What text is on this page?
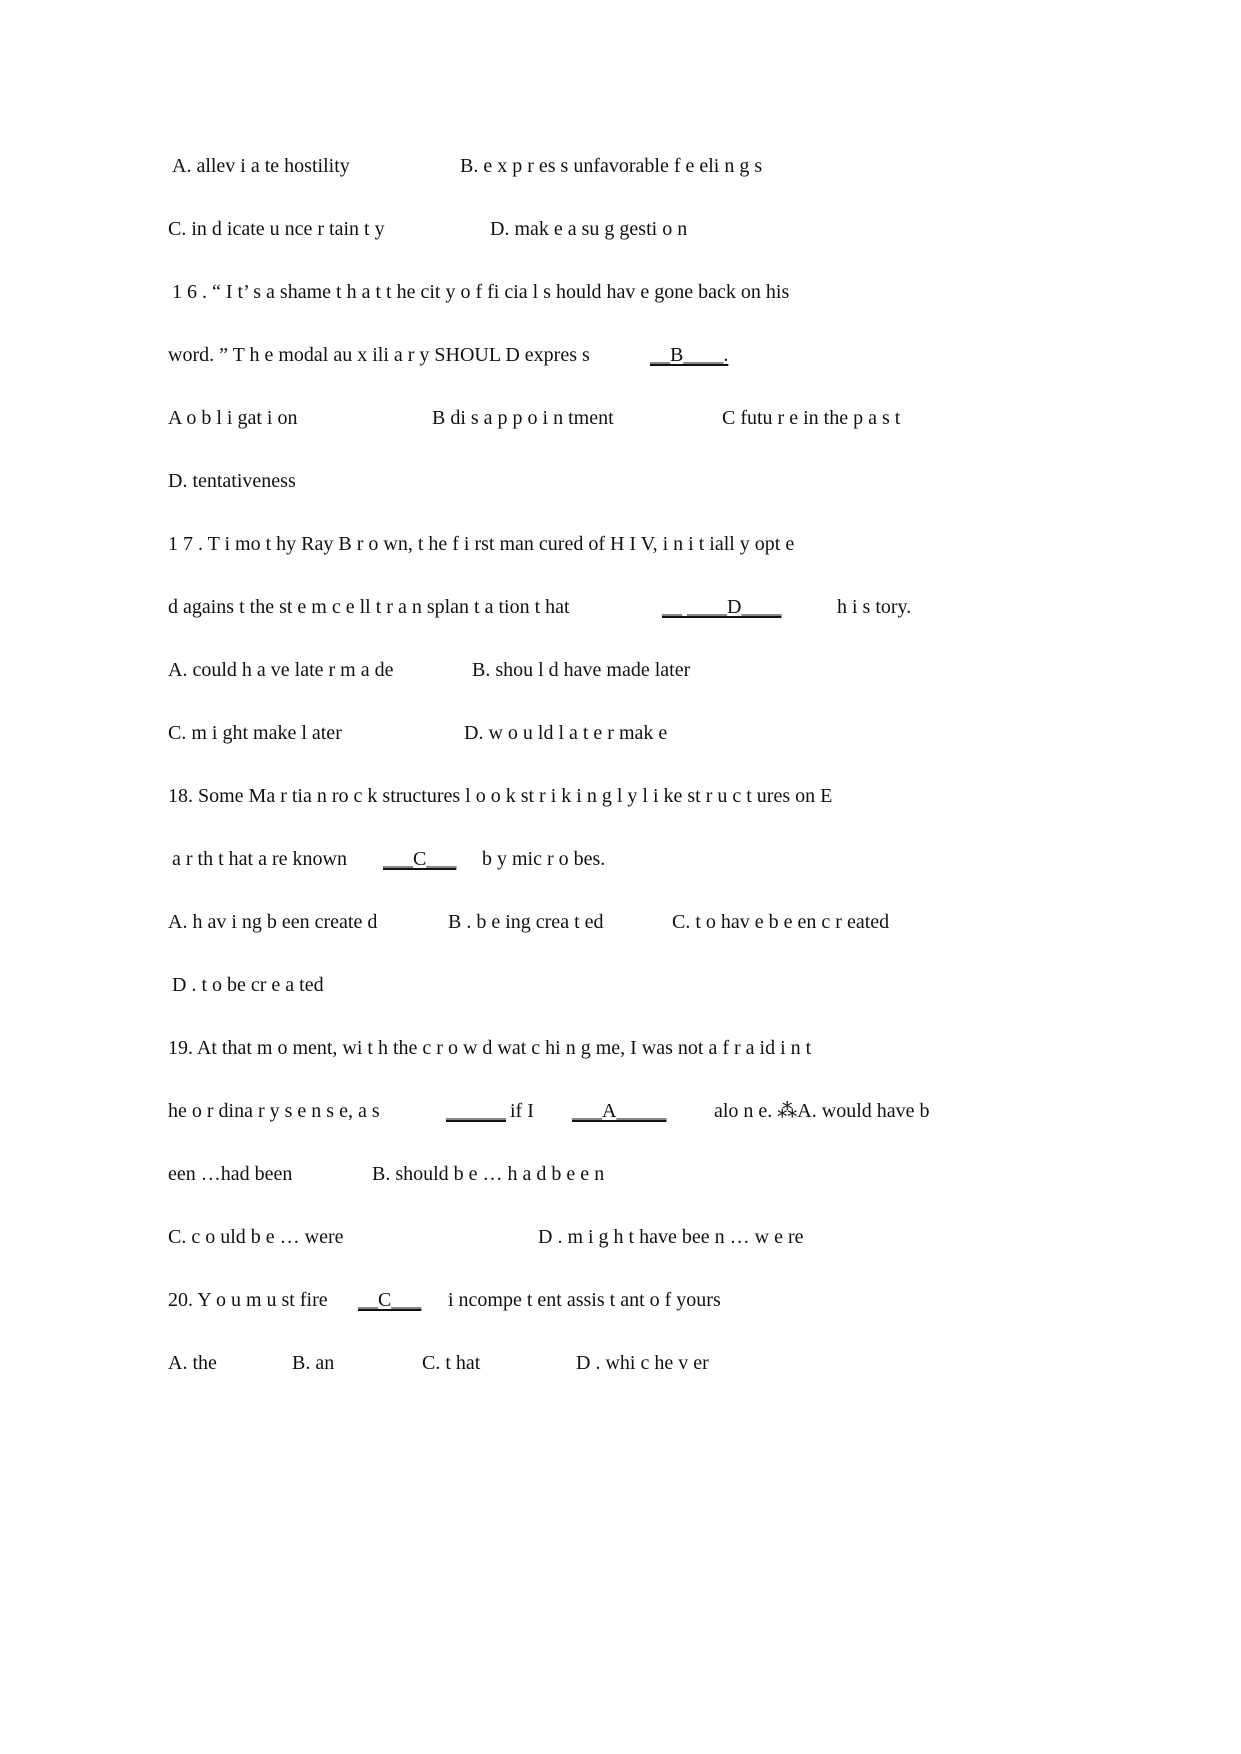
A. allev i a te hostility	B. e x p r es s unfavorable f e eli n g s
C. in d icate u nce r tain t y	D. mak e a su g gesti o n
1 6 . “ I t’ s a shame t h a t t he cit y o f fi cia l s hould hav e gone back on his
word. ” T h e modal au x ili a r y SHOUL D expres s	__B____.
A o b l i gat i on	B di s a p p o i n tment	C futu r e in the p a s t
D. tentativeness
1 7 . T i mo t hy Ray B r o wn, t he f i rst man cured of H I V, i n i t iall y opt e
d agains t the st e m c e ll t r a n splan t a tion t hat	__ ____D____	h i s tory.
A. could h a ve late r m a de	B. shou l d have made later
C. m i ght make l ater	D. w o u ld l a t e r mak e
18. Some Ma r tia n ro c k structures l o o k st r i k i n g l y l i ke st r u c t ures on E
a r th t hat a re known ___C___ b y mic r o bes.
A. h av i ng b een create d	B . b e ing crea t ed	C. t o hav e b e en c r eated
D . t o be cr e a ted
19. At that m o ment, wi t h the c r o w d wat c hi n g me, I was not a f r a id i n t
he o r dina r y s e n s e, a s	______ if I ___A_____ alo n e. ⁂A. would have b
een …had been	B. should b e … h a d b e e n
C. c o uld b e … were	D . m i g h t have bee n … w e re
20. Y o u m u st fire __C___ i ncompe t ent assis t ant o f yours
A. the	B. an	C. t hat	D . whi c he v er
